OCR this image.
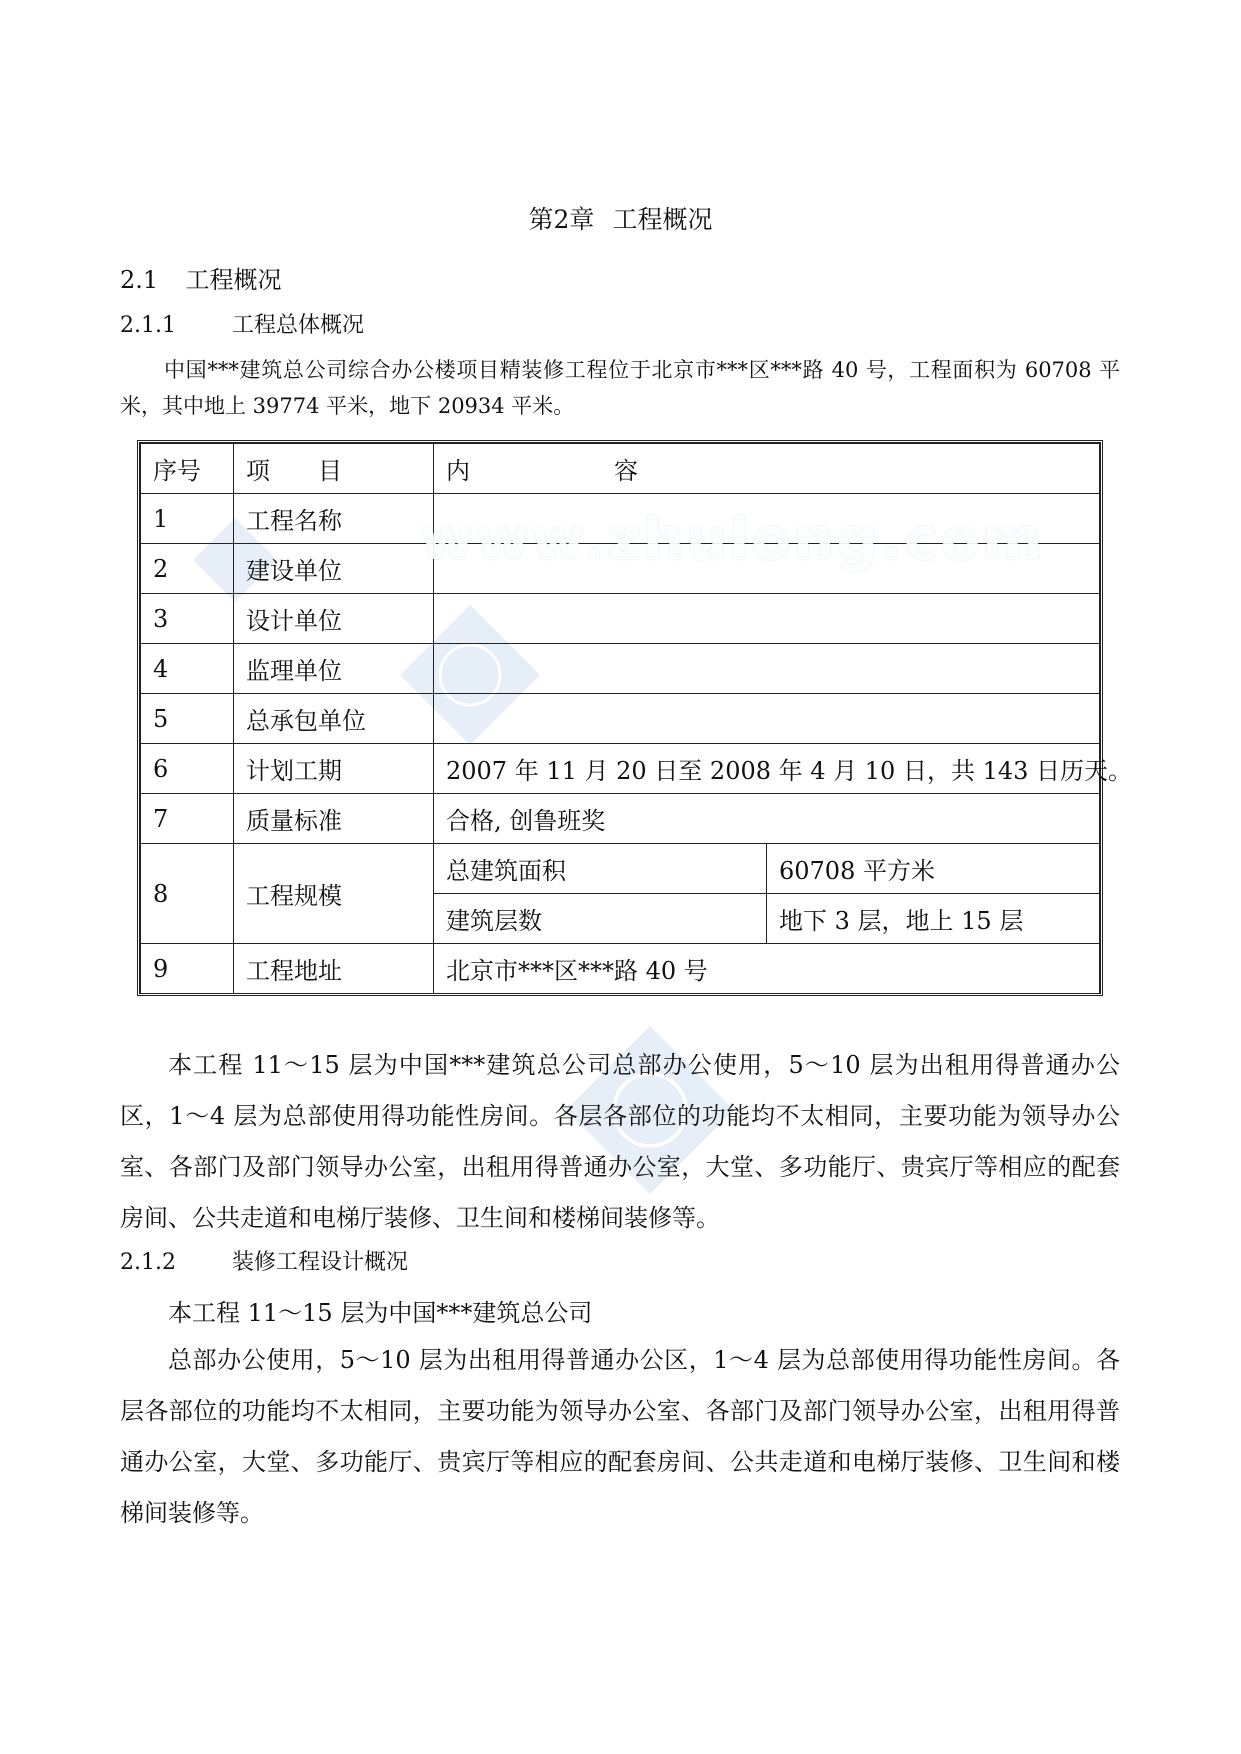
第2章 工程概况
2.1 工程概况
2.1.1	工程总体概况
中国***建筑总公司综合办公楼项目精装修工程位于北京市***区***路 40 号，工程面积为 60708 平米，其中地上 39774 平米，地下 20934 平米。
序号	项　　目	内　　　　　　容	
1	工程名称		
2	建设单位		
3	设计单位		
4	监理单位		
5	总承包单位		
6	计划工期	2007 年 11 月 20 日至 2008 年 4 月 10 日，共 143 日历天。	
7	质量标准	合格, 创鲁班奖	
8	工程规模	总建筑面积	60708 平方米
		建筑层数	地下 3 层，地上 15 层
9	工程地址	北京市***区***路 40 号	
www.zhulong.com
本工程 11～15 层为中国***建筑总公司总部办公使用，5～10 层为出租用得普通办公区，1～4 层为总部使用得功能性房间。各层各部位的功能均不太相同，主要功能为领导办公室、各部门及部门领导办公室，出租用得普通办公室，大堂、多功能厅、贵宾厅等相应的配套房间、公共走道和电梯厅装修、卫生间和楼梯间装修等。
2.1.2	装修工程设计概况
本工程 11～15 层为中国***建筑总公司
总部办公使用，5～10 层为出租用得普通办公区，1～4 层为总部使用得功能性房间。各层各部位的功能均不太相同，主要功能为领导办公室、各部门及部门领导办公室，出租用得普通办公室，大堂、多功能厅、贵宾厅等相应的配套房间、公共走道和电梯厅装修、卫生间和楼梯间装修等。
